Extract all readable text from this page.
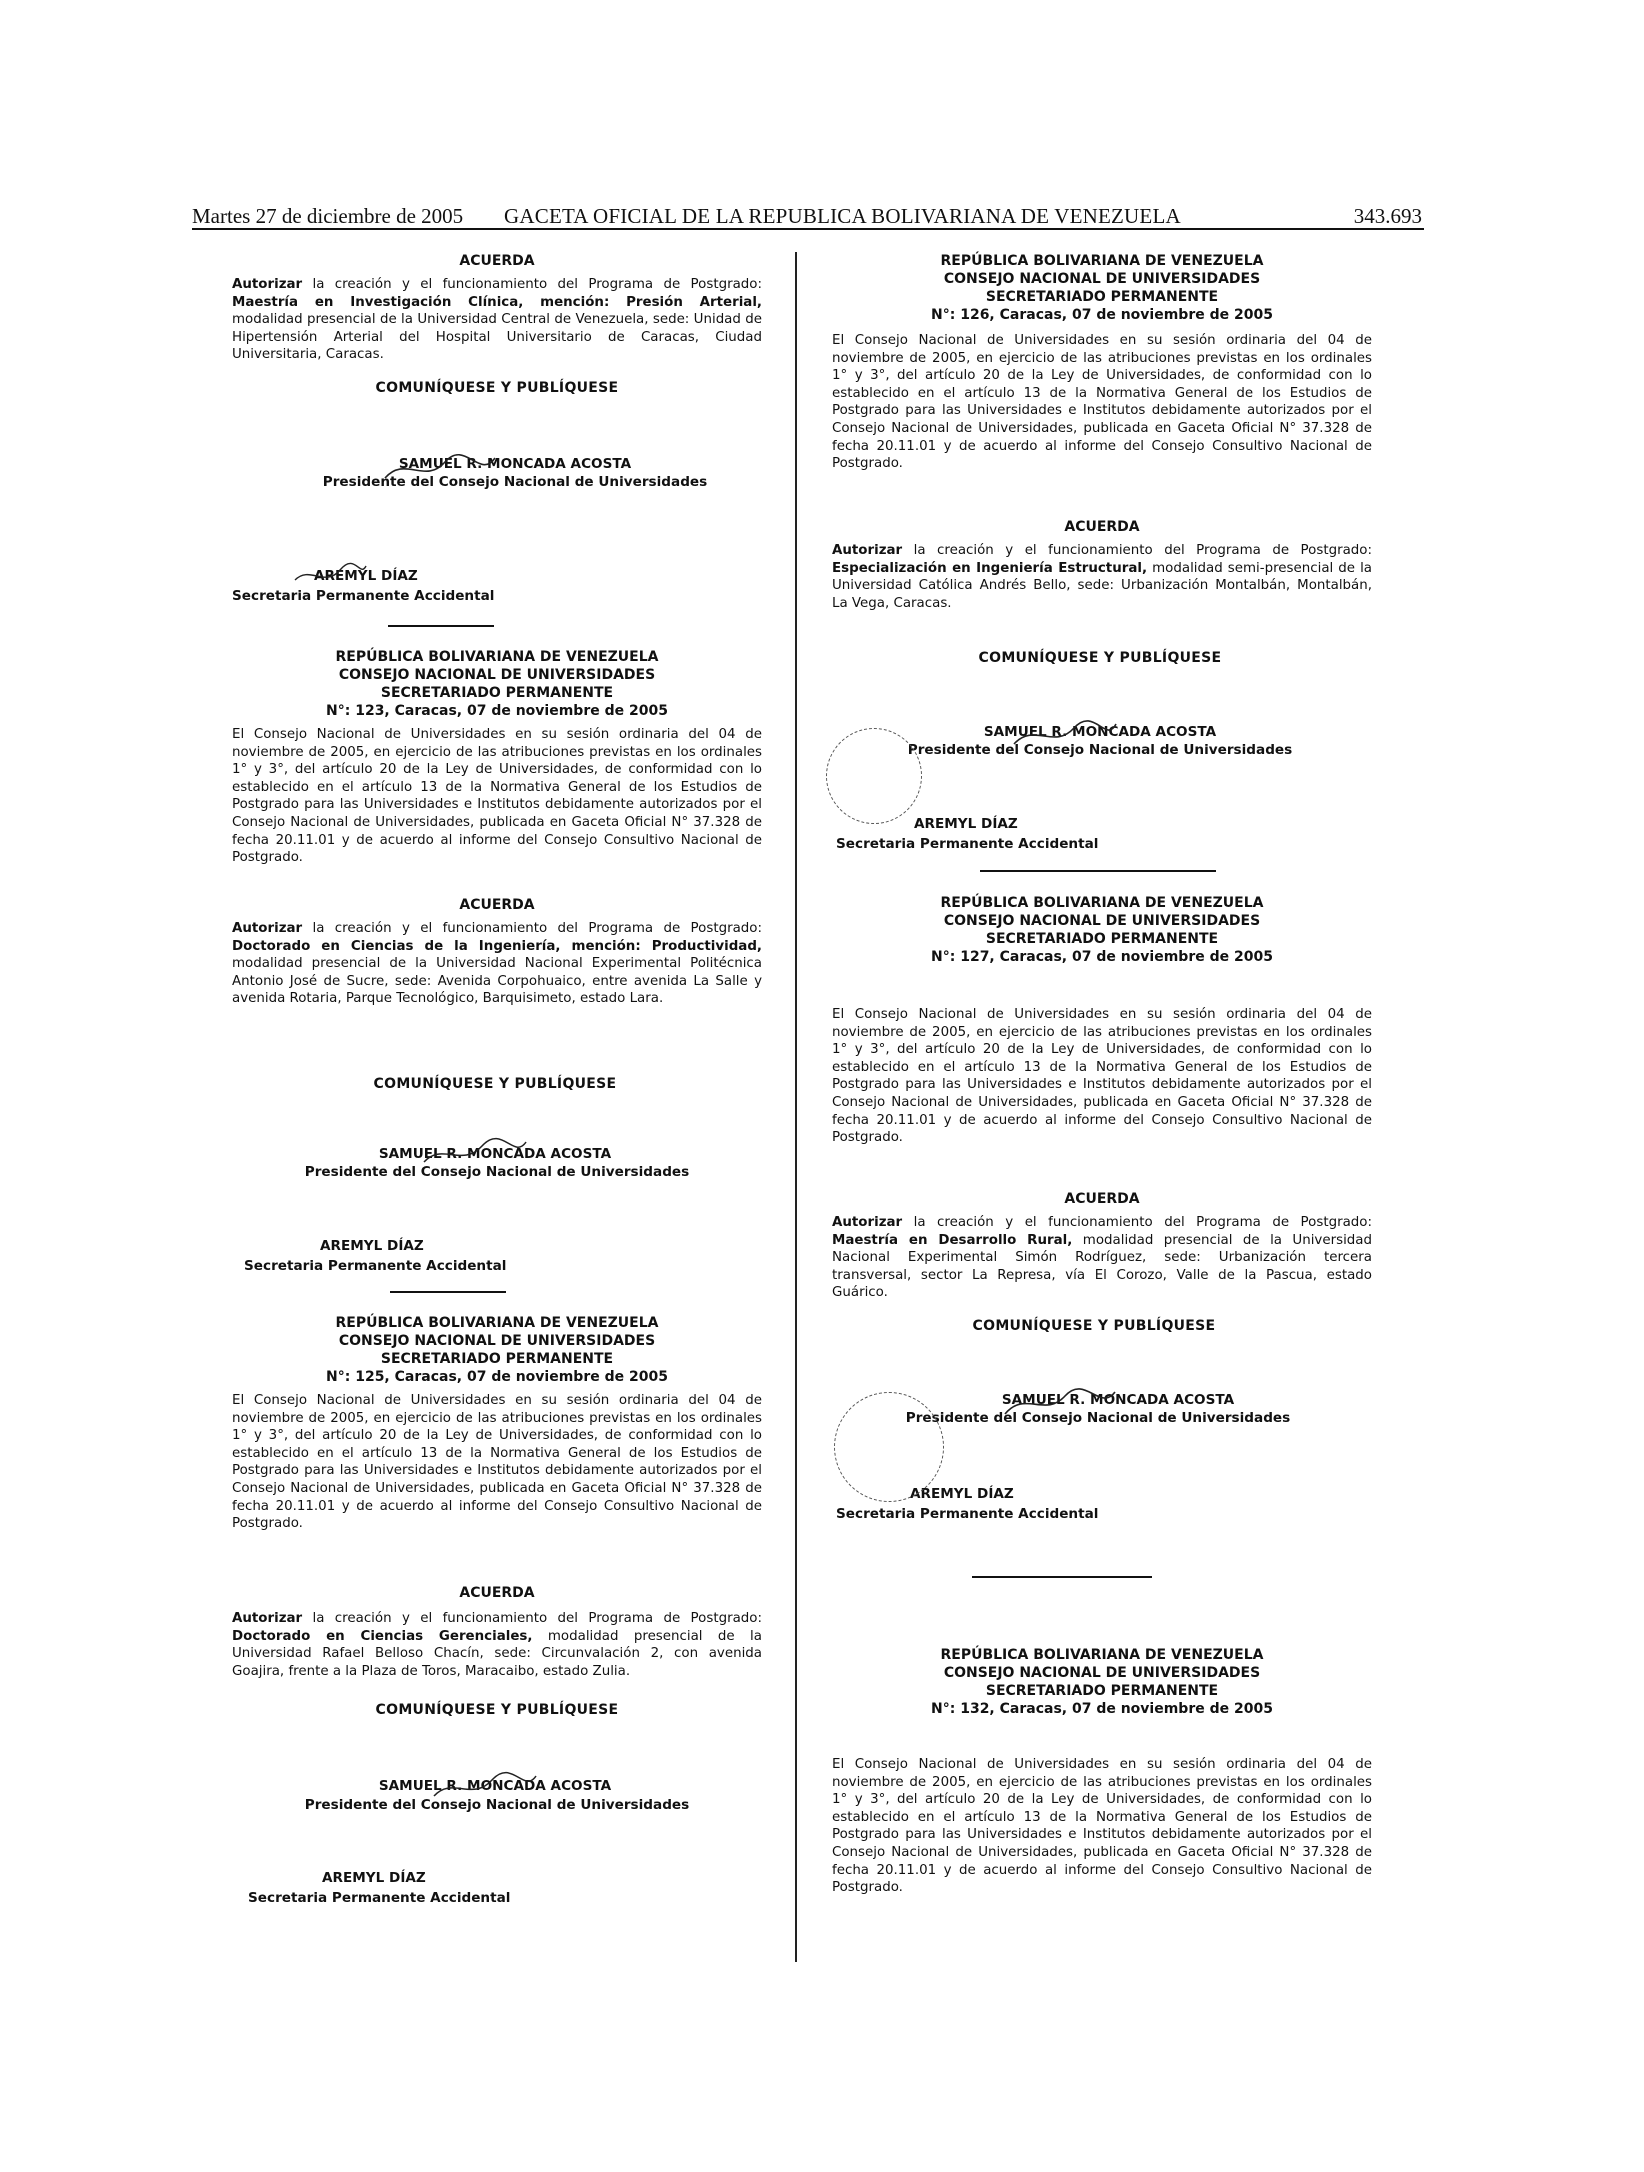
Martes 27 de diciembre de 2005 GACETA OFICIAL DE LA REPUBLICA BOLIVARIANA DE VENEZUELA	343.693
ACUERDA
Autorizar la creación y el funcionamiento del Programa de Postgrado: Maestría en Investigación Clínica, mención: Presión Arterial, modalidad presencial de la Universidad Central de Venezuela, sede: Unidad de Hipertensión Arterial del Hospital Universitario de Caracas, Ciudad Universitaria, Caracas.
COMUNÍQUESE Y PUBLÍQUESE
SAMUEL R. MONCADA ACOSTA
Presidente del Consejo Nacional de Universidades
AREMYL DÍAZ
Secretaria Permanente Accidental
REPÚBLICA BOLIVARIANA DE VENEZUELA
CONSEJO NACIONAL DE UNIVERSIDADES
SECRETARIADO PERMANENTE
N°: 123, Caracas, 07 de noviembre de 2005
El Consejo Nacional de Universidades en su sesión ordinaria del 04 de noviembre de 2005, en ejercicio de las atribuciones previstas en los ordinales 1° y 3°, del artículo 20 de la Ley de Universidades, de conformidad con lo establecido en el artículo 13 de la Normativa General de los Estudios de Postgrado para las Universidades e Institutos debidamente autorizados por el Consejo Nacional de Universidades, publicada en Gaceta Oficial N° 37.328 de fecha 20.11.01 y de acuerdo al informe del Consejo Consultivo Nacional de Postgrado.
ACUERDA
Autorizar la creación y el funcionamiento del Programa de Postgrado: Doctorado en Ciencias de la Ingeniería, mención: Productividad, modalidad presencial de la Universidad Nacional Experimental Politécnica Antonio José de Sucre, sede: Avenida Corpohuaico, entre avenida La Salle y avenida Rotaria, Parque Tecnológico, Barquisimeto, estado Lara.
COMUNÍQUESE Y PUBLÍQUESE
SAMUEL R. MONCADA ACOSTA
Presidente del Consejo Nacional de Universidades
AREMYL DÍAZ
Secretaria Permanente Accidental
REPÚBLICA BOLIVARIANA DE VENEZUELA
CONSEJO NACIONAL DE UNIVERSIDADES
SECRETARIADO PERMANENTE
N°: 125, Caracas, 07 de noviembre de 2005
El Consejo Nacional de Universidades en su sesión ordinaria del 04 de noviembre de 2005, en ejercicio de las atribuciones previstas en los ordinales 1° y 3°, del artículo 20 de la Ley de Universidades, de conformidad con lo establecido en el artículo 13 de la Normativa General de los Estudios de Postgrado para las Universidades e Institutos debidamente autorizados por el Consejo Nacional de Universidades, publicada en Gaceta Oficial N° 37.328 de fecha 20.11.01 y de acuerdo al informe del Consejo Consultivo Nacional de Postgrado.
ACUERDA
Autorizar la creación y el funcionamiento del Programa de Postgrado: Doctorado en Ciencias Gerenciales, modalidad presencial de la Universidad Rafael Belloso Chacín, sede: Circunvalación 2, con avenida Goajira, frente a la Plaza de Toros, Maracaibo, estado Zulia.
COMUNÍQUESE Y PUBLÍQUESE
SAMUEL R. MONCADA ACOSTA
Presidente del Consejo Nacional de Universidades
AREMYL DÍAZ
Secretaria Permanente Accidental
REPÚBLICA BOLIVARIANA DE VENEZUELA
CONSEJO NACIONAL DE UNIVERSIDADES
SECRETARIADO PERMANENTE
N°: 126, Caracas, 07 de noviembre de 2005
El Consejo Nacional de Universidades en su sesión ordinaria del 04 de noviembre de 2005, en ejercicio de las atribuciones previstas en los ordinales 1° y 3°, del artículo 20 de la Ley de Universidades, de conformidad con lo establecido en el artículo 13 de la Normativa General de los Estudios de Postgrado para las Universidades e Institutos debidamente autorizados por el Consejo Nacional de Universidades, publicada en Gaceta Oficial N° 37.328 de fecha 20.11.01 y de acuerdo al informe del Consejo Consultivo Nacional de Postgrado.
ACUERDA
Autorizar la creación y el funcionamiento del Programa de Postgrado: Especialización en Ingeniería Estructural, modalidad semi-presencial de la Universidad Católica Andrés Bello, sede: Urbanización Montalbán, Montalbán, La Vega, Caracas.
COMUNÍQUESE Y PUBLÍQUESE
SAMUEL R. MONCADA ACOSTA
Presidente del Consejo Nacional de Universidades
AREMYL DÍAZ
Secretaria Permanente Accidental
REPÚBLICA BOLIVARIANA DE VENEZUELA
CONSEJO NACIONAL DE UNIVERSIDADES
SECRETARIADO PERMANENTE
N°: 127, Caracas, 07 de noviembre de 2005
El Consejo Nacional de Universidades en su sesión ordinaria del 04 de noviembre de 2005, en ejercicio de las atribuciones previstas en los ordinales 1° y 3°, del artículo 20 de la Ley de Universidades, de conformidad con lo establecido en el artículo 13 de la Normativa General de los Estudios de Postgrado para las Universidades e Institutos debidamente autorizados por el Consejo Nacional de Universidades, publicada en Gaceta Oficial N° 37.328 de fecha 20.11.01 y de acuerdo al informe del Consejo Consultivo Nacional de Postgrado.
ACUERDA
Autorizar la creación y el funcionamiento del Programa de Postgrado: Maestría en Desarrollo Rural, modalidad presencial de la Universidad Nacional Experimental Simón Rodríguez, sede: Urbanización tercera transversal, sector La Represa, vía El Corozo, Valle de la Pascua, estado Guárico.
COMUNÍQUESE Y PUBLÍQUESE
SAMUEL R. MONCADA ACOSTA
Presidente del Consejo Nacional de Universidades
AREMYL DÍAZ
Secretaria Permanente Accidental
REPÚBLICA BOLIVARIANA DE VENEZUELA
CONSEJO NACIONAL DE UNIVERSIDADES
SECRETARIADO PERMANENTE
N°: 132, Caracas, 07 de noviembre de 2005
El Consejo Nacional de Universidades en su sesión ordinaria del 04 de noviembre de 2005, en ejercicio de las atribuciones previstas en los ordinales 1° y 3°, del artículo 20 de la Ley de Universidades, de conformidad con lo establecido en el artículo 13 de la Normativa General de los Estudios de Postgrado para las Universidades e Institutos debidamente autorizados por el Consejo Nacional de Universidades, publicada en Gaceta Oficial N° 37.328 de fecha 20.11.01 y de acuerdo al informe del Consejo Consultivo Nacional de Postgrado.
